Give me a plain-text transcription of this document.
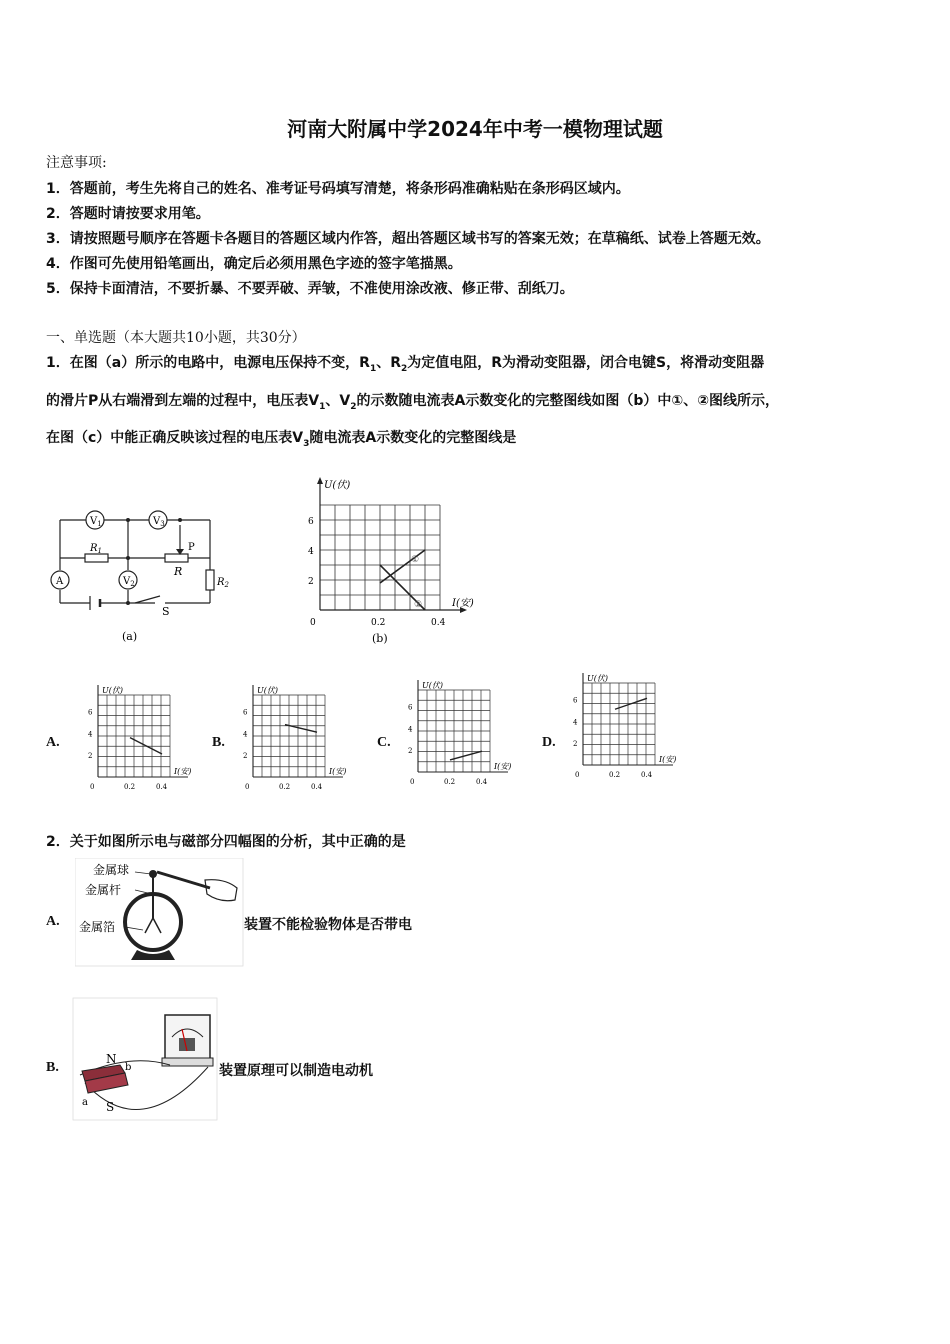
河南大附属中学2024年中考一模物理试题
注意事项:
1．答题前，考生先将自己的姓名、准考证号码填写清楚，将条形码准确粘贴在条形码区域内。
2．答题时请按要求用笔。
3．请按照题号顺序在答题卡各题目的答题区域内作答，超出答题区域书写的答案无效；在草稿纸、试卷上答题无效。
4．作图可先使用铅笔画出，确定后必须用黑色字迹的签字笔描黑。
5．保持卡面清洁，不要折暴、不要弄破、弄皱，不准使用涂改液、修正带、刮纸刀。
一、单选题（本大题共10小题，共30分）
1．在图（a）所示的电路中，电源电压保持不变，$R_1$、$R_2$为定值电阻，R为滑动变阻器，闭合电键S，将滑动变阻器
的滑片P从右端滑到左端的过程中，电压表$V_1$、$V_2$的示数随电流表A示数变化的完整图线如图（b）中①、②图线所示，
在图（c）中能正确反映该过程的电压表$V_3$随电流表A示数变化的完整图线是
$V_1$	$V_3$
$V_2$
A
$R_1$
R
P
$R_2$
S
(a)
U(伏)
I(安)
6
4
2
0	0.2	0.4
①
②
(b)
A.	B.	C.	D.
U(伏)
I(安)
6
4
2
0.2	0.4
0
U(伏)
I(安)
6
4
2
0.2	0.4
0
U(伏)
I(安)
6
4
2
0.2	0.4
0
U(伏)
I(安)
6
4
2
0.2	0.4
0
2．关于如图所示电与磁部分四幅图的分析，其中正确的是
A.
金属球
金属杆
金属箔	装置不能检验物体是否带电
B.
N
S
a
b	装置原理可以制造电动机
